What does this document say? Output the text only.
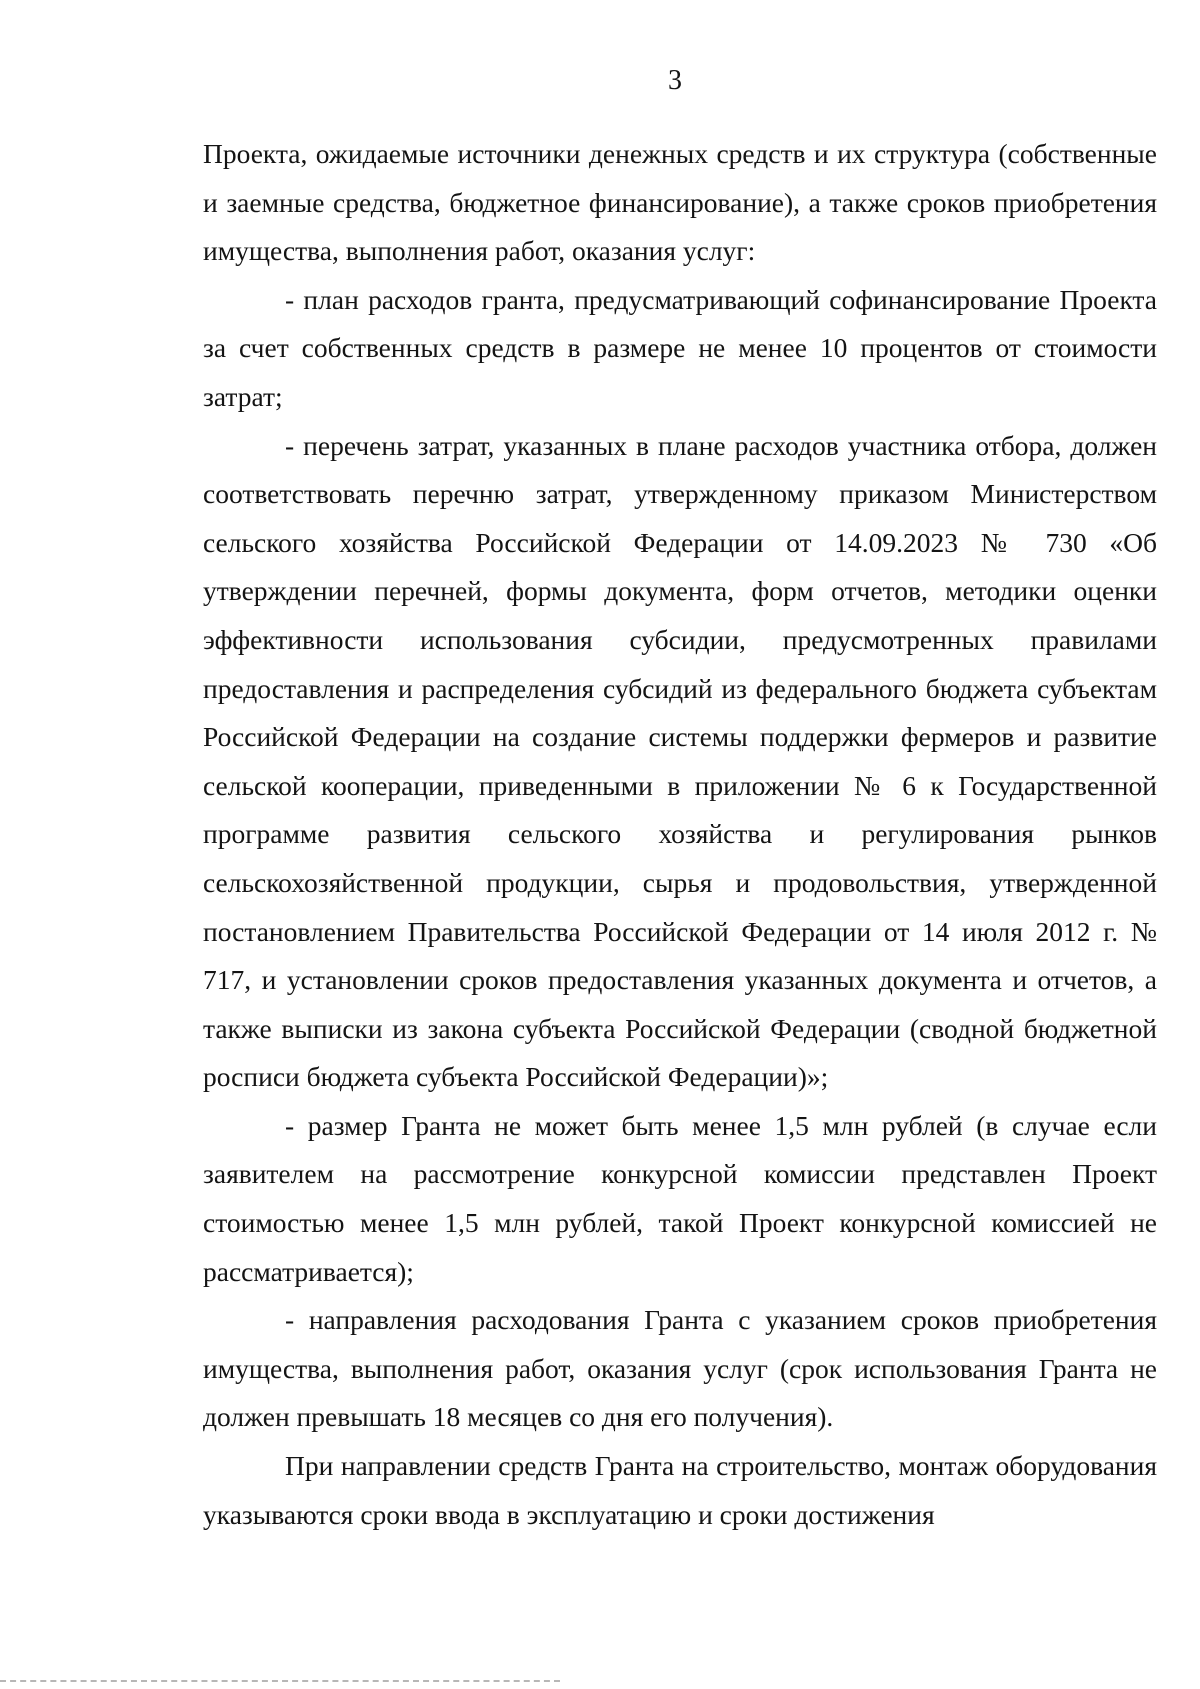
3

Проекта, ожидаемые источники денежных средств и их структура (собственные и заемные средства, бюджетное финансирование), а также сроков приобретения имущества, выполнения работ, оказания услуг:

- план расходов гранта, предусматривающий софинансирование Проекта за счет собственных средств в размере не менее 10 процентов от стоимости затрат;

- перечень затрат, указанных в плане расходов участника отбора, должен соответствовать перечню затрат, утвержденному приказом Министерством сельского хозяйства Российской Федерации от 14.09.2023 № 730 «Об утверждении перечней, формы документа, форм отчетов, методики оценки эффективности использования субсидии, предусмотренных правилами предоставления и распределения субсидий из федерального бюджета субъектам Российской Федерации на создание системы поддержки фермеров и развитие сельской кооперации, приведенными в приложении № 6 к Государственной программе развития сельского хозяйства и регулирования рынков сельскохозяйственной продукции, сырья и продовольствия, утвержденной постановлением Правительства Российской Федерации от 14 июля 2012 г. № 717, и установлении сроков предоставления указанных документа и отчетов, а также выписки из закона субъекта Российской Федерации (сводной бюджетной росписи бюджета субъекта Российской Федерации)»;

- размер Гранта не может быть менее 1,5 млн рублей (в случае если заявителем на рассмотрение конкурсной комиссии представлен Проект стоимостью менее 1,5 млн рублей, такой Проект конкурсной комиссией не рассматривается);

- направления расходования Гранта с указанием сроков приобретения имущества, выполнения работ, оказания услуг (срок использования Гранта не должен превышать 18 месяцев со дня его получения).

При направлении средств Гранта на строительство, монтаж оборудования указываются сроки ввода в эксплуатацию и сроки достижения
